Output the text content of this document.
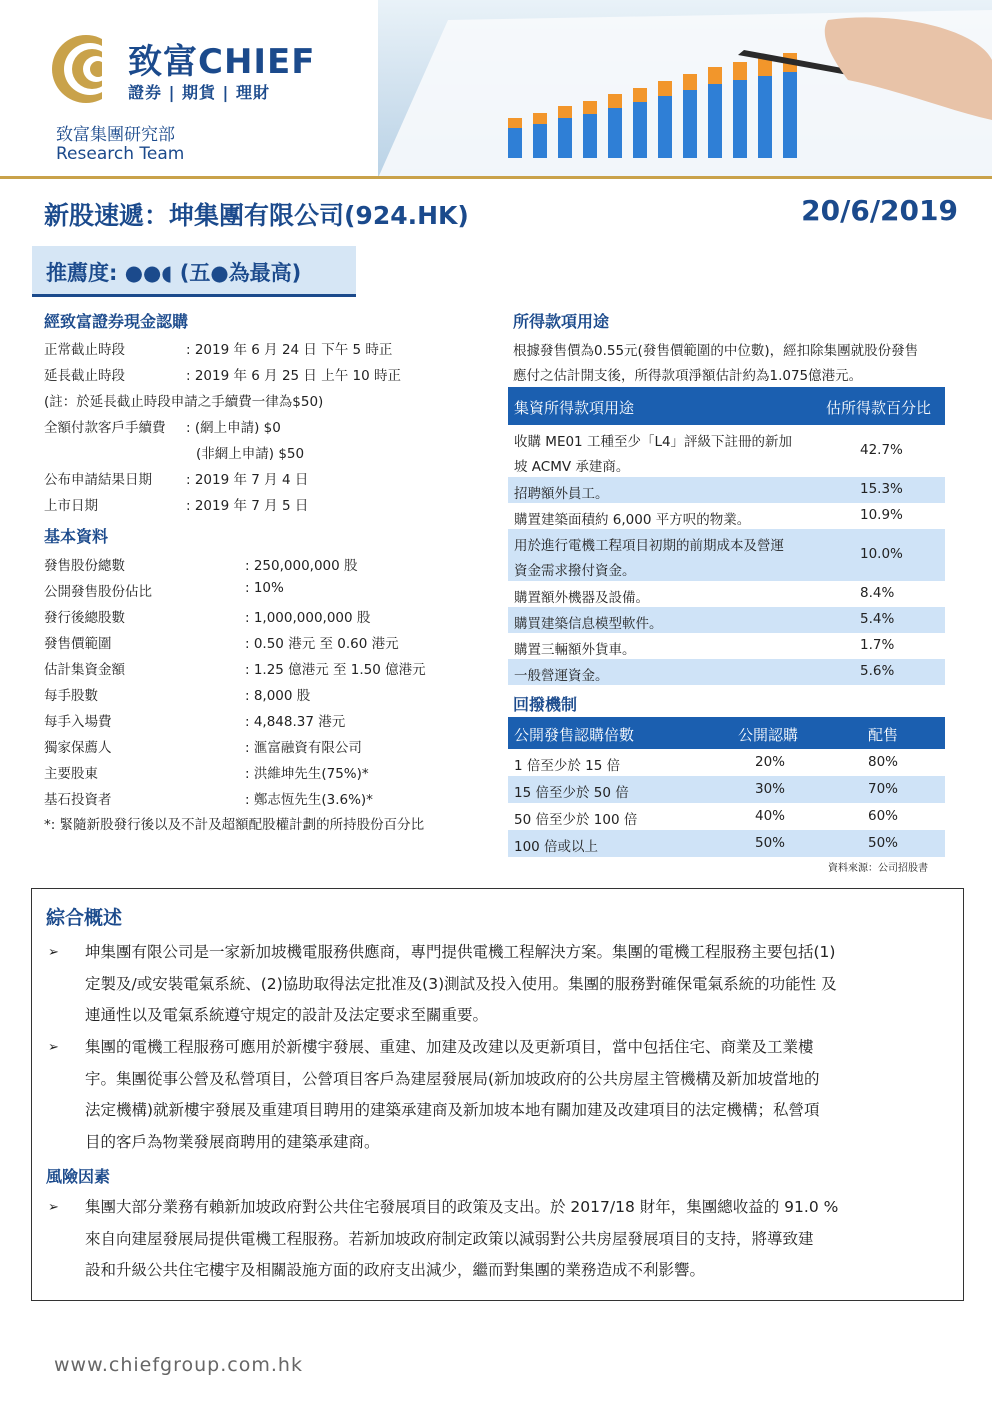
致富CHIEF
證券 | 期貨 | 理財
致富集團研究部
Research Team
新股速遞：坤集團有限公司(924.HK)	20/6/2019
推薦度: ●●◖ (五●為最高)
經致富證券現金認購
正常截止時段	: 2019 年 6 月 24 日 下午 5 時正
延長截止時段	: 2019 年 6 月 25 日 上午 10 時正
(註：於延長截止時段申請之手續費一律為$50)
全額付款客戶手續費 : (網上申請) $0
(非網上申請) $50
公布申請結果日期	: 2019 年 7 月 4 日
上市日期	: 2019 年 7 月 5 日
基本資料
發售股份總數	: 250,000,000 股
公開發售股份佔比	: 10%
發行後總股數	: 1,000,000,000 股
發售價範圍	: 0.50 港元 至 0.60 港元
估計集資金額	: 1.25 億港元 至 1.50 億港元
每手股數	: 8,000 股
每手入場費	: 4,848.37 港元
獨家保薦人	: 滙富融資有限公司
主要股東	: 洪維坤先生(75%)*
基石投資者	: 鄭志恆先生(3.6%)*
*: 緊隨新股發行後以及不計及超額配股權計劃的所持股份百分比
所得款項用途
根據發售價為0.55元(發售價範圍的中位數)，經扣除集團就股份發售
應付之估計開支後，所得款項淨額估計約為1.075億港元。
集資所得款項用途	估所得款百分比
收購 ME01 工種至少「L4」評級下註冊的新加
坡 ACMV 承建商。
42.7%
招聘額外員工。	15.3%
購置建築面積約 6,000 平方呎的物業。	10.9%
用於進行電機工程項目初期的前期成本及營運
資金需求撥付資金。
10.0%
購置額外機器及設備。	8.4%
購買建築信息模型軟件。	5.4%
購置三輛額外貨車。	1.7%
一般營運資金。	5.6%
回撥機制
公開發售認購倍數	公開認購	配售
1 倍至少於 15 倍	20%	80%
15 倍至少於 50 倍	30%	70%
50 倍至少於 100 倍	40%	60%
100 倍或以上	50%	50%
資料來源：公司招股書
綜合概述
➢ 坤集團有限公司是一家新加坡機電服務供應商，專門提供電機工程解決方案。集團的電機工程服務主要包括(1)
定製及/或安裝電氣系統、(2)協助取得法定批准及(3)測試及投入使用。集團的服務對確保電氣系統的功能性 及
連通性以及電氣系統遵守規定的設計及法定要求至關重要。
➢ 集團的電機工程服務可應用於新樓宇發展、重建、加建及改建以及更新項目，當中包括住宅、商業及工業樓
宇。集團從事公營及私營項目，公營項目客戶為建屋發展局(新加坡政府的公共房屋主管機構及新加坡當地的
法定機構)就新樓宇發展及重建項目聘用的建築承建商及新加坡本地有關加建及改建項目的法定機構；私營項
目的客戶為物業發展商聘用的建築承建商。
風險因素
➢ 集團大部分業務有賴新加坡政府對公共住宅發展項目的政策及支出。於 2017/18 財年，集團總收益的 91.0 %
來自向建屋發展局提供電機工程服務。若新加坡政府制定政策以減弱對公共房屋發展項目的支持，將導致建
設和升級公共住宅樓宇及相關設施方面的政府支出減少，繼而對集團的業務造成不利影響。
www.chiefgroup.com.hk
